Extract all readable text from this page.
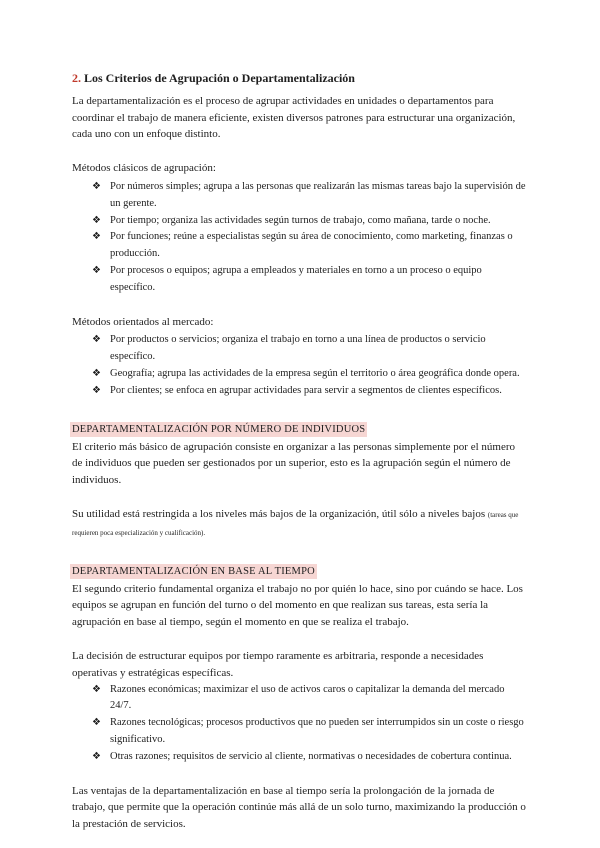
2. Los Criterios de Agrupación o Departamentalización

La departamentalización es el proceso de agrupar actividades en unidades o departamentos para coordinar el trabajo de manera eficiente, existen diversos patrones para estructurar una organización, cada uno con un enfoque distinto.

Métodos clásicos de agrupación:
❖ Por números simples; agrupa a las personas que realizarán las mismas tareas bajo la supervisión de un gerente.
❖ Por tiempo; organiza las actividades según turnos de trabajo, como mañana, tarde o noche.
❖ Por funciones; reúne a especialistas según su área de conocimiento, como marketing, finanzas o producción.
❖ Por procesos o equipos; agrupa a empleados y materiales en torno a un proceso o equipo específico.
Métodos orientados al mercado:
❖ Por productos o servicios; organiza el trabajo en torno a una línea de productos o servicio específico.
❖ Geografía; agrupa las actividades de la empresa según el territorio o área geográfica donde opera.
❖ Por clientes; se enfoca en agrupar actividades para servir a segmentos de clientes específicos.
DEPARTAMENTALIZACIÓN POR NÚMERO DE INDIVIDUOS

El criterio más básico de agrupación consiste en organizar a las personas simplemente por el número de individuos que pueden ser gestionados por un superior, esto es la agrupación según el número de individuos.

Su utilidad está restringida a los niveles más bajos de la organización, útil sólo a niveles bajos (tareas que requieren poca especialización y cualificación).

DEPARTAMENTALIZACIÓN EN BASE AL TIEMPO

El segundo criterio fundamental organiza el trabajo no por quién lo hace, sino por cuándo se hace. Los equipos se agrupan en función del turno o del momento en que realizan sus tareas, esta sería la agrupación en base al tiempo, según el momento en que se realiza el trabajo.

La decisión de estructurar equipos por tiempo raramente es arbitraria, responde a necesidades operativas y estratégicas específicas.

❖ Razones económicas; maximizar el uso de activos caros o capitalizar la demanda del mercado 24/7.
❖ Razones tecnológicas; procesos productivos que no pueden ser interrumpidos sin un coste o riesgo significativo.
❖ Otras razones; requisitos de servicio al cliente, normativas o necesidades de cobertura continua.

Las ventajas de la departamentalización en base al tiempo sería la prolongación de la jornada de trabajo, que permite que la operación continúe más allá de un solo turno, maximizando la producción o la prestación de servicios.
